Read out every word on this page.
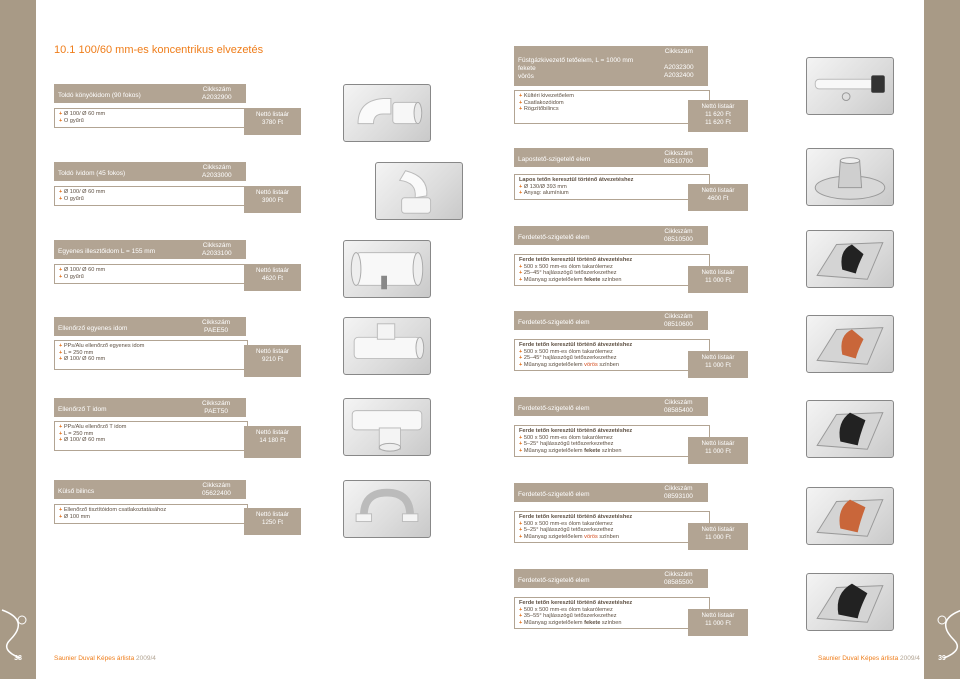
38	39
10.1 100/60 mm-es koncentrikus elvezetés
Toldó könyökidom (90 fokos)
Cikkszám
A2032900
+ Ø 100/ Ø 60 mm
+ O gyűrű
Nettó listaár
3780 Ft
Toldó ívidom (45 fokos)
Cikkszám
A2033000
+ Ø 100/ Ø 60 mm
+ O gyűrű
Nettó listaár
3900 Ft
Egyenes illesztőidom L = 155 mm
Cikkszám
A2033100
+ Ø 100/ Ø 60 mm
+ O gyűrű
Nettó listaár
4620 Ft
Ellenőrző egyenes idom
Cikkszám
PAEE50
+ PPs/Alu ellenőrző egyenes idom
+ L = 250 mm
+ Ø 100/ Ø 60 mm
Nettó listaár
9210 Ft
Ellenőrző T idom
Cikkszám
PAET50
+ PPs/Alu ellenőrző T idom
+ L = 250 mm
+ Ø 100/ Ø 60 mm
Nettó listaár
14 180 Ft
Külső bilincs
Cikkszám
05622400
+ Ellenőrző tisztítóidom csatlakoztatásához
+ Ø 100 mm	Nettó listaár
1250 Ft
Füstgázkivezető tetőelem, L = 1000 mm
fekete
vörös
Cikkszám

A2032300
A2032400
+ Kültéri kivezetőelem
+ Csatlakozóidom
+ Rögzítőbilincs	Nettó listaár
11 620 Ft
11 620 Ft
Lapostető-szigetelő elem
Cikkszám
08510700
Lapos tetőn keresztül történő átvezetéshez
+ Ø 130/Ø 393 mm
+ Anyag: alumínium	Nettó listaár
4600 Ft
Ferdetető-szigetelő elem
Cikkszám
08510500
Ferde tetőn keresztül történő átvezetéshez
+ 500 x 500 mm-es ólom takarólemez
+ 25–45° hajlásszögű tetőszerkezethez
+ Műanyag szigetelőelem fekete színben
Nettó listaár
11 000 Ft
Ferdetető-szigetelő elem
Cikkszám
08510600
Ferde tetőn keresztül történő átvezetéshez
+ 500 x 500 mm-es ólom takarólemez
+ 25–45° hajlásszögű tetőszerkezethez
+ Műanyag szigetelőelem vörös színben
Nettó listaár
11 000 Ft
Ferdetető-szigetelő elem
Cikkszám
08585400
Ferde tetőn keresztül történő átvezetéshez
+ 500 x 500 mm-es ólom takarólemez
+ 5–25° hajlásszögű tetőszerkezethez
+ Műanyag szigetelőelem fekete színben
Nettó listaár
11 000 Ft
Ferdetető-szigetelő elem
Cikkszám
08593100
Ferde tetőn keresztül történő átvezetéshez
+ 500 x 500 mm-es ólom takarólemez
+ 5–25° hajlásszögű tetőszerkezethez
+ Műanyag szigetelőelem vörös színben
Nettó listaár
11 000 Ft
Ferdetető-szigetelő elem
Cikkszám
08585500
Ferde tetőn keresztül történő átvezetéshez
+ 500 x 500 mm-es ólom takarólemez
+ 35–55° hajlásszögű tetőszerkezethez
+ Műanyag szigetelőelem fekete színben
Nettó listaár
11 000 Ft
Saunier Duval Képes árlista 2009/4	Saunier Duval Képes árlista 2009/4
